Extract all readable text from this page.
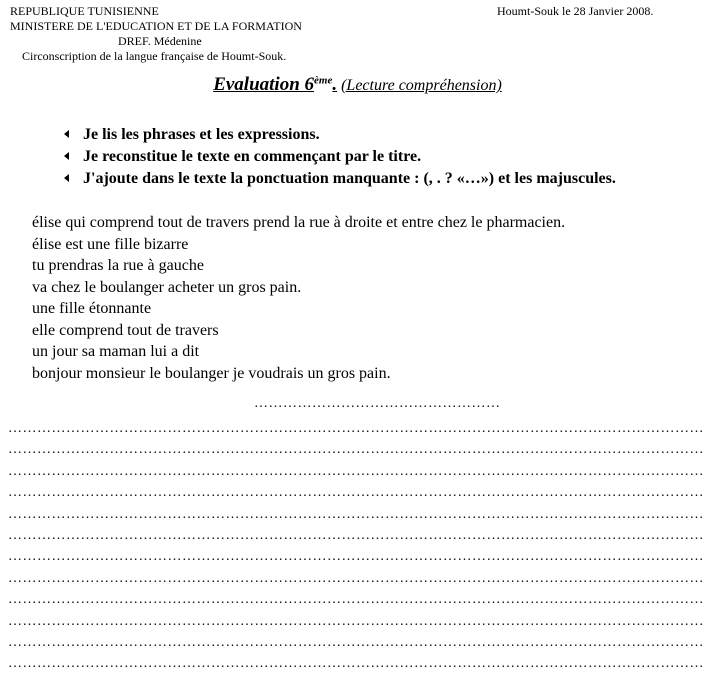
REPUBLIQUE TUNISIENNE
MINISTERE DE L'EDUCATION ET DE LA FORMATION
DREF. Médenine
Circonscription de la langue française de Houmt-Souk.
Houmt-Souk le 28 Janvier 2008.
Evaluation 6ème. (Lecture compréhension)
Je lis les phrases et les expressions.
Je reconstitue le texte en commençant par le titre.
J'ajoute dans le texte la ponctuation manquante : (, . ? «…») et les majuscules.
élise qui comprend tout de travers prend la rue à droite et entre chez le pharmacien.
élise est une fille bizarre
tu prendras la rue à gauche
va chez le boulanger acheter un gros pain.
une fille étonnante
elle comprend tout de travers
un jour sa maman lui a dit
bonjour monsieur le boulanger je voudrais un gros pain.
……………………………………………
………………………………………………………………………………………………………………………………
………………………………………………………………………………………………………………………………
………………………………………………………………………………………………………………………………
………………………………………………………………………………………………………………………………
………………………………………………………………………………………………………………………………
………………………………………………………………………………………………………………………………
………………………………………………………………………………………………………………………………
………………………………………………………………………………………………………………………………
………………………………………………………………………………………………………………………………
………………………………………………………………………………………………………………………………
………………………………………………………………………………………………………………………………
………………………………………………………………………………………………………………………………
